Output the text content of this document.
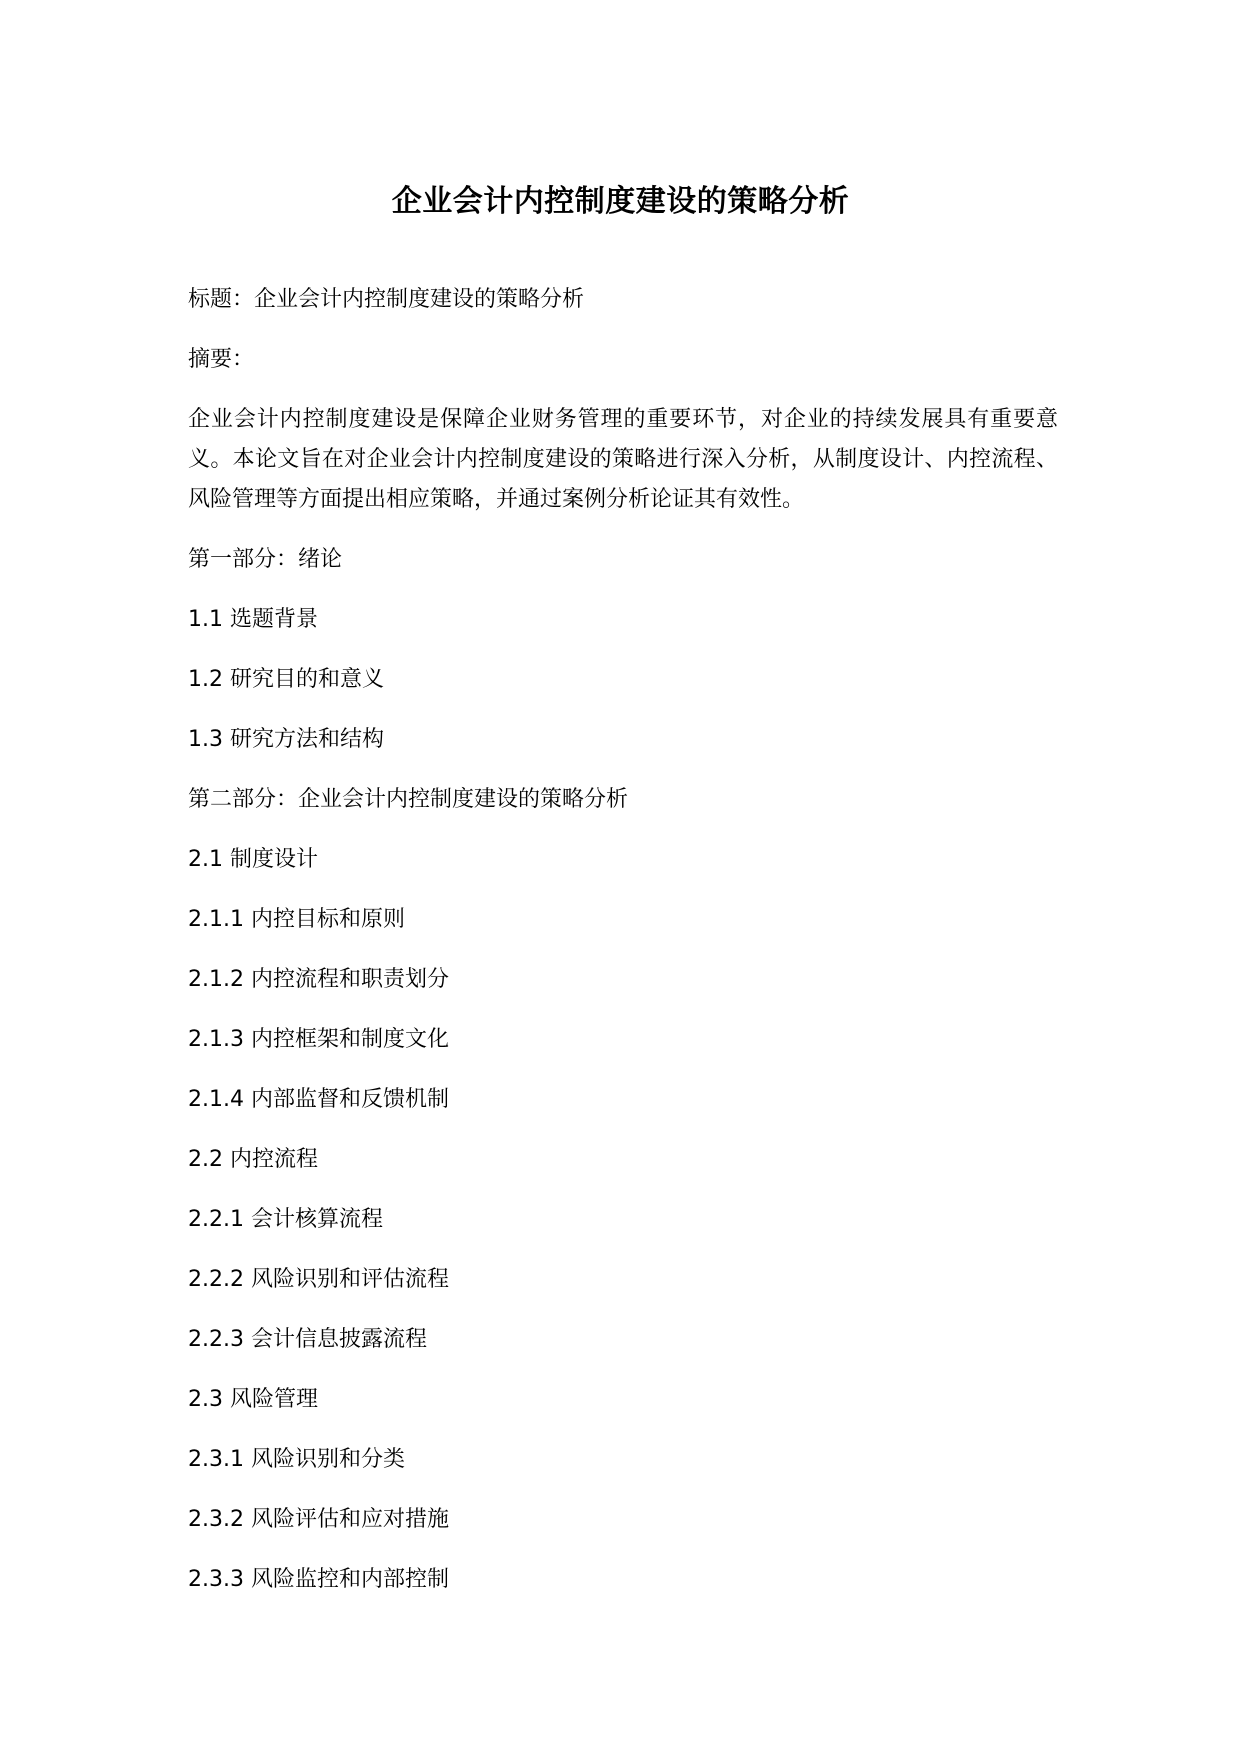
企业会计内控制度建设的策略分析

标题：企业会计内控制度建设的策略分析

摘要：

企业会计内控制度建设是保障企业财务管理的重要环节，对企业的持续发展具有重要意义。本论文旨在对企业会计内控制度建设的策略进行深入分析，从制度设计、内控流程、风险管理等方面提出相应策略，并通过案例分析论证其有效性。

第一部分：绪论

1.1 选题背景

1.2 研究目的和意义

1.3 研究方法和结构

第二部分：企业会计内控制度建设的策略分析

2.1 制度设计

2.1.1 内控目标和原则

2.1.2 内控流程和职责划分

2.1.3 内控框架和制度文化

2.1.4 内部监督和反馈机制

2.2 内控流程

2.2.1 会计核算流程

2.2.2 风险识别和评估流程

2.2.3 会计信息披露流程

2.3 风险管理

2.3.1 风险识别和分类

2.3.2 风险评估和应对措施

2.3.3 风险监控和内部控制
